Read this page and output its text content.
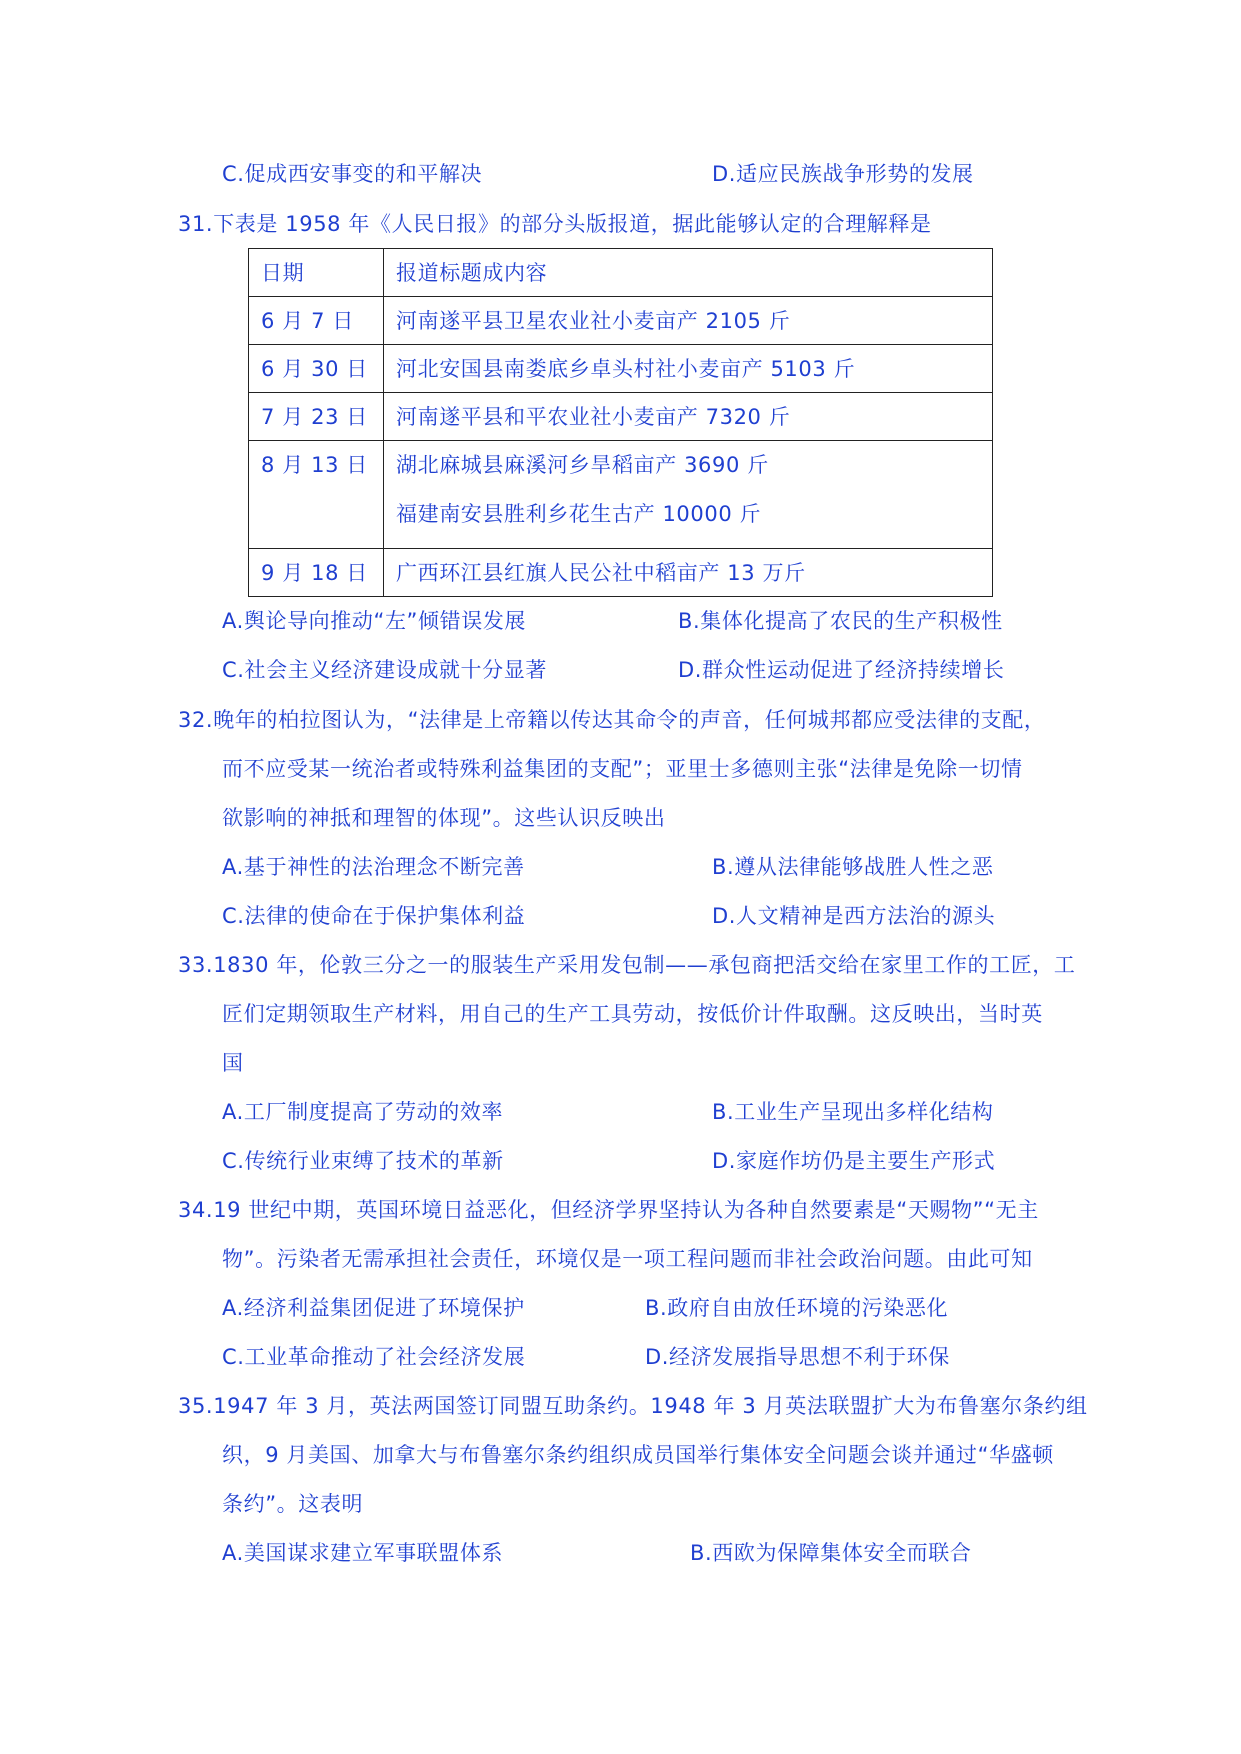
C.促成西安事变的和平解决	D.适应民族战争形势的发展
31.下表是 1958 年《人民日报》的部分头版报道，据此能够认定的合理解释是
日期	报道标题成内容
6 月 7 日	河南遂平县卫星农业社小麦亩产 2105 斤
6 月 30 日	河北安国县南娄底乡卓头村社小麦亩产 5103 斤
7 月 23 日	河南遂平县和平农业社小麦亩产 7320 斤
8 月 13 日	湖北麻城县麻溪河乡旱稻亩产 3690 斤
福建南安县胜利乡花生古产 10000 斤

9 月 18 日	广西环江县红旗人民公社中稻亩产 13 万斤
A.舆论导向推动“左”倾错误发展	B.集体化提高了农民的生产积极性
C.社会主义经济建设成就十分显著	D.群众性运动促进了经济持续增长
32.晚年的柏拉图认为，“法律是上帝籍以传达其命令的声音，任何城邦都应受法律的支配，
而不应受某一统治者或特殊利益集团的支配”；亚里士多德则主张“法律是免除一切情
欲影响的神抵和理智的体现”。这些认识反映出
A.基于神性的法治理念不断完善	B.遵从法律能够战胜人性之恶
C.法律的使命在于保护集体利益	D.人文精神是西方法治的源头
33.1830 年，伦敦三分之一的服装生产采用发包制——承包商把活交给在家里工作的工匠，工
匠们定期领取生产材料，用自己的生产工具劳动，按低价计件取酬。这反映出，当时英
国
A.工厂制度提高了劳动的效率	B.工业生产呈现出多样化结构
C.传统行业束缚了技术的革新	D.家庭作坊仍是主要生产形式
34.19 世纪中期，英国环境日益恶化，但经济学界坚持认为各种自然要素是“天赐物”“无主
物”。污染者无需承担社会责任，环境仅是一项工程问题而非社会政治问题。由此可知
A.经济利益集团促进了环境保护	B.政府自由放任环境的污染恶化
C.工业革命推动了社会经济发展	D.经济发展指导思想不利于环保
35.1947 年 3 月，英法两国签订同盟互助条约。1948 年 3 月英法联盟扩大为布鲁塞尔条约组
织，9 月美国、加拿大与布鲁塞尔条约组织成员国举行集体安全问题会谈并通过“华盛顿
条约”。这表明
A.美国谋求建立军事联盟体系	B.西欧为保障集体安全而联合
